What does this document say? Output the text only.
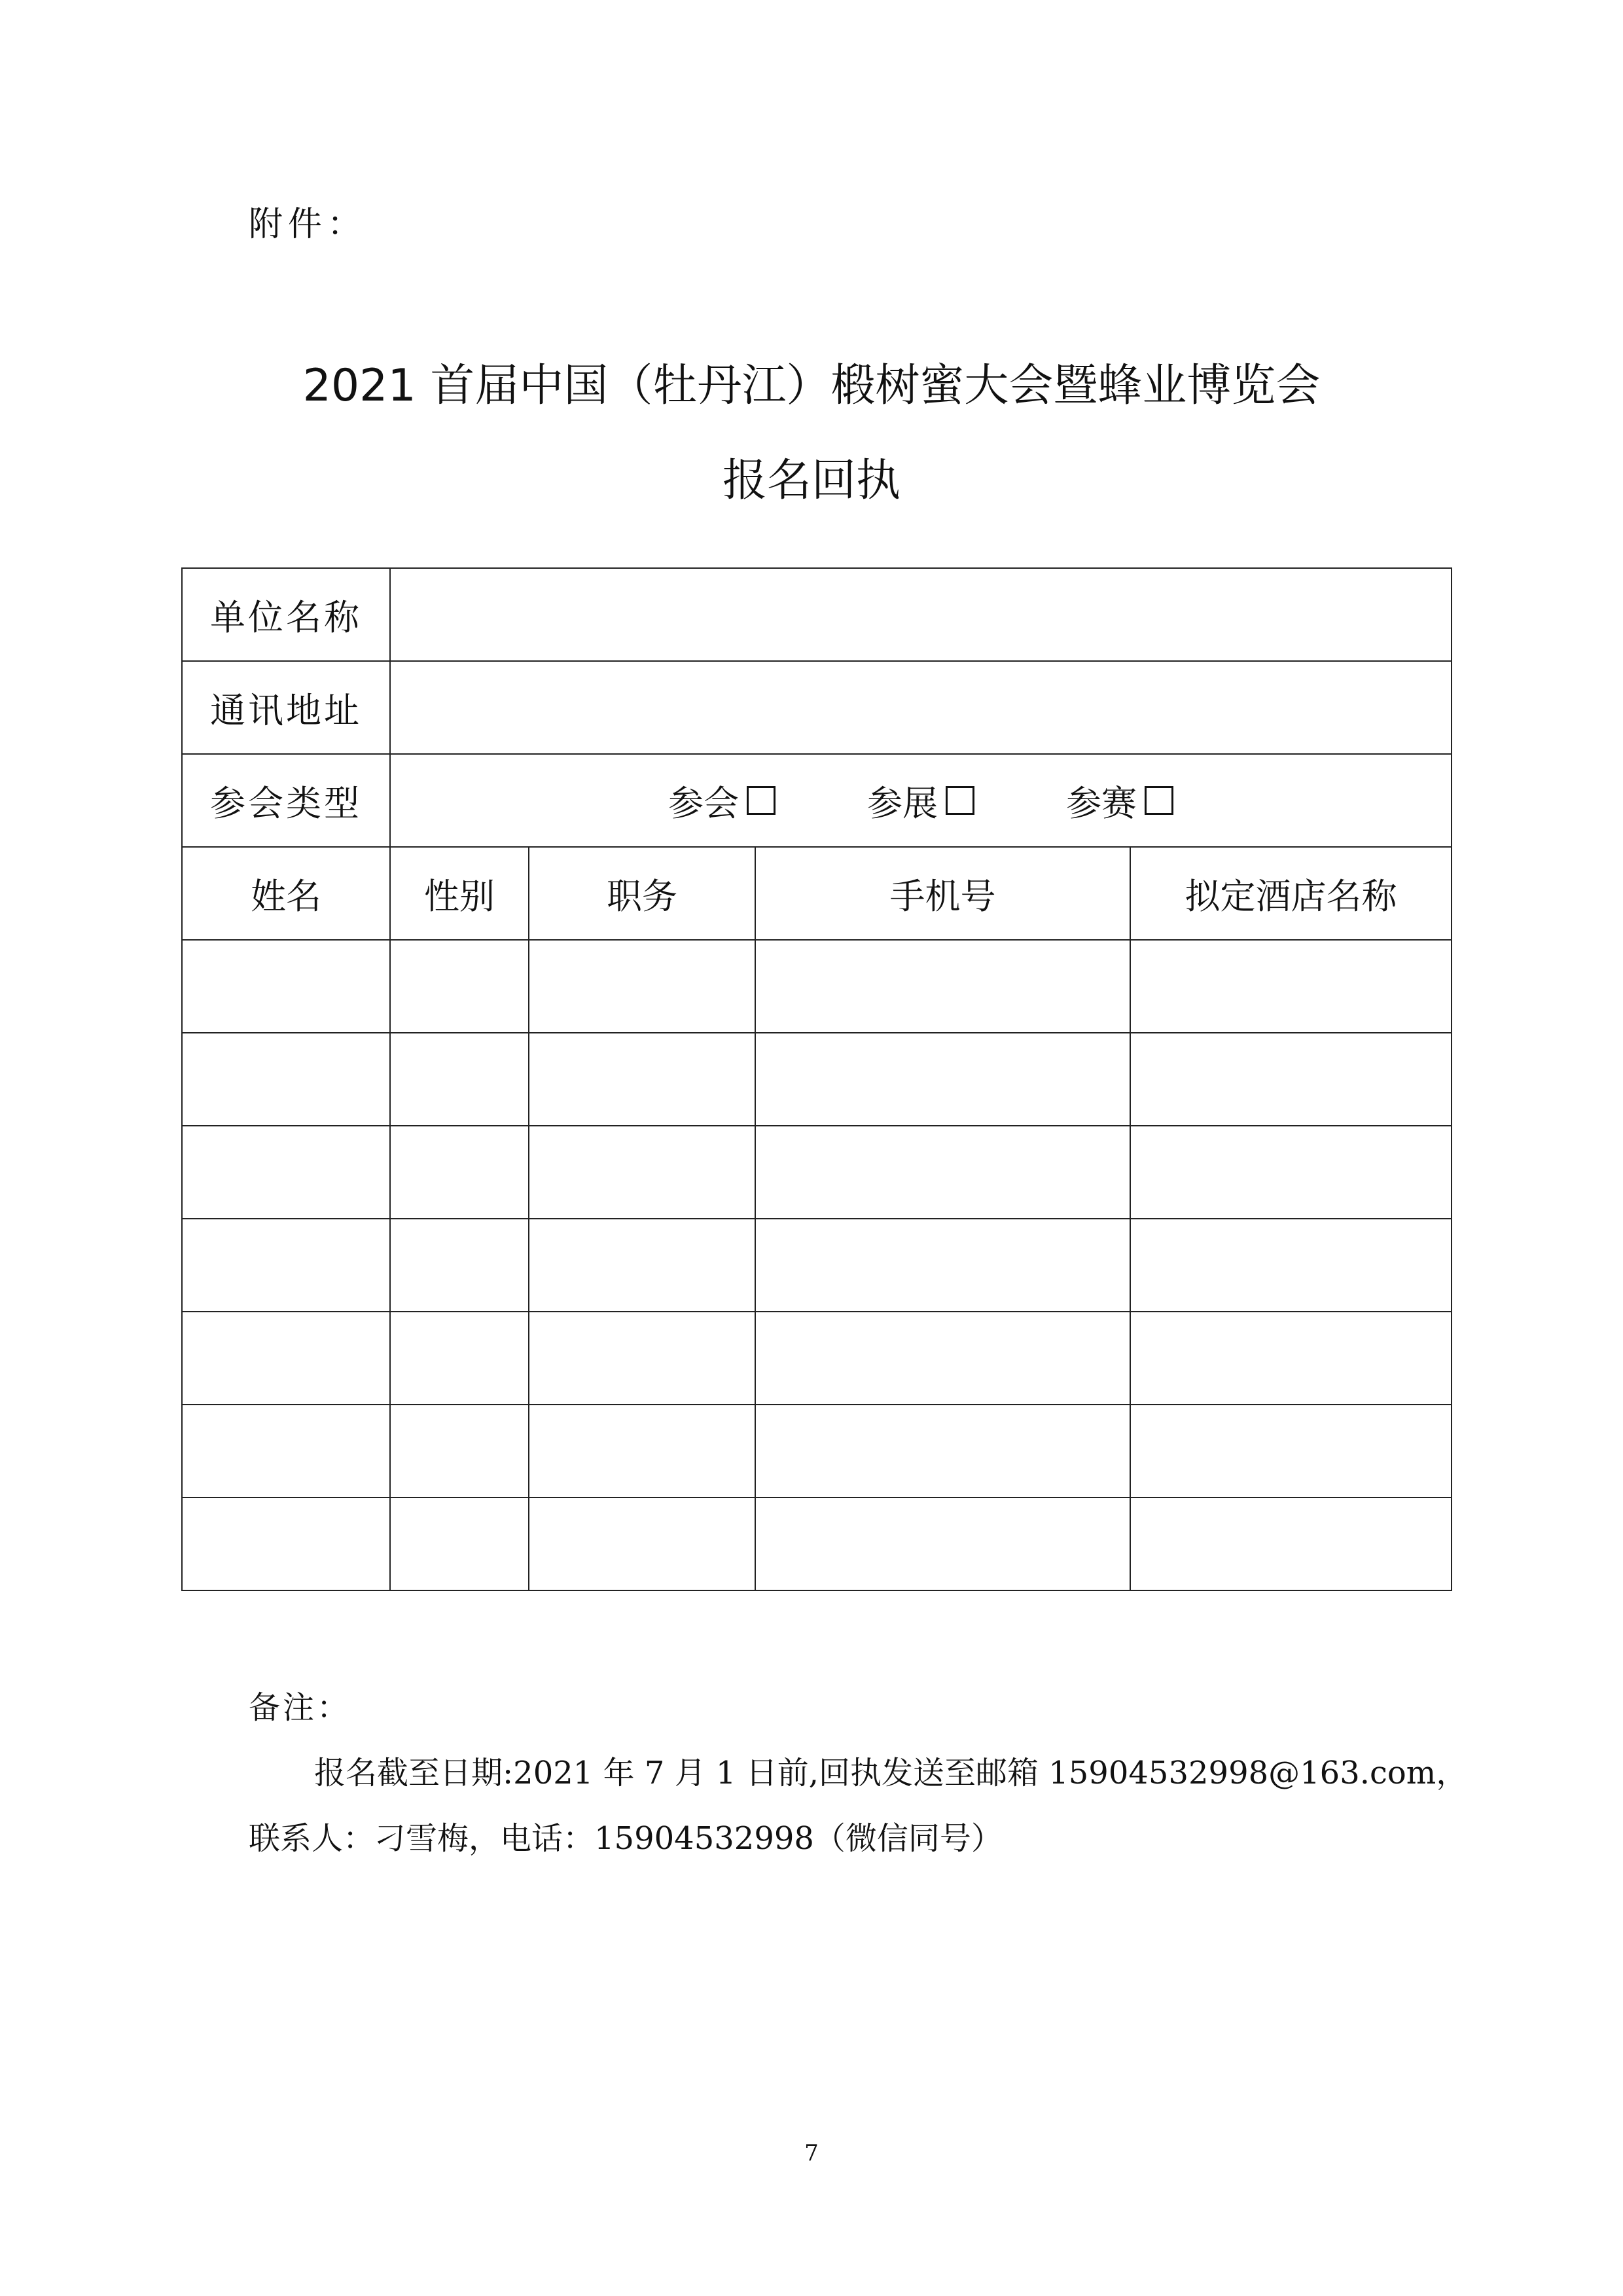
附件：
2021 首届中国（牡丹江）椴树蜜大会暨蜂业博览会
报名回执
单位名称				
通讯地址				
参会类型	参会 参展 参赛			

姓名	性别	职务	手机号	拟定酒店名称

备注：
报名截至日期:2021 年 7 月 1 日前,回执发送至邮箱 15904532998@163.com，
联系人：刁雪梅，电话：15904532998（微信同号）
7
